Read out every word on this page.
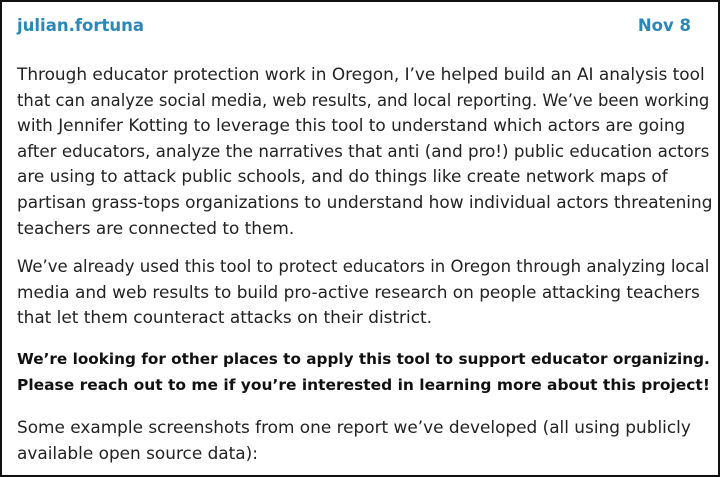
julian.fortuna	Nov 8

Through educator protection work in Oregon, I’ve helped build an AI analysis tool
that can analyze social media, web results, and local reporting. We’ve been working
with Jennifer Kotting to leverage this tool to understand which actors are going
after educators, analyze the narratives that anti (and pro!) public education actors
are using to attack public schools, and do things like create network maps of
partisan grass-tops organizations to understand how individual actors threatening
teachers are connected to them.

We’ve already used this tool to protect educators in Oregon through analyzing local
media and web results to build pro-active research on people attacking teachers
that let them counteract attacks on their district.

We’re looking for other places to apply this tool to support educator organizing.
Please reach out to me if you’re interested in learning more about this project!

Some example screenshots from one report we’ve developed (all using publicly
available open source data):
